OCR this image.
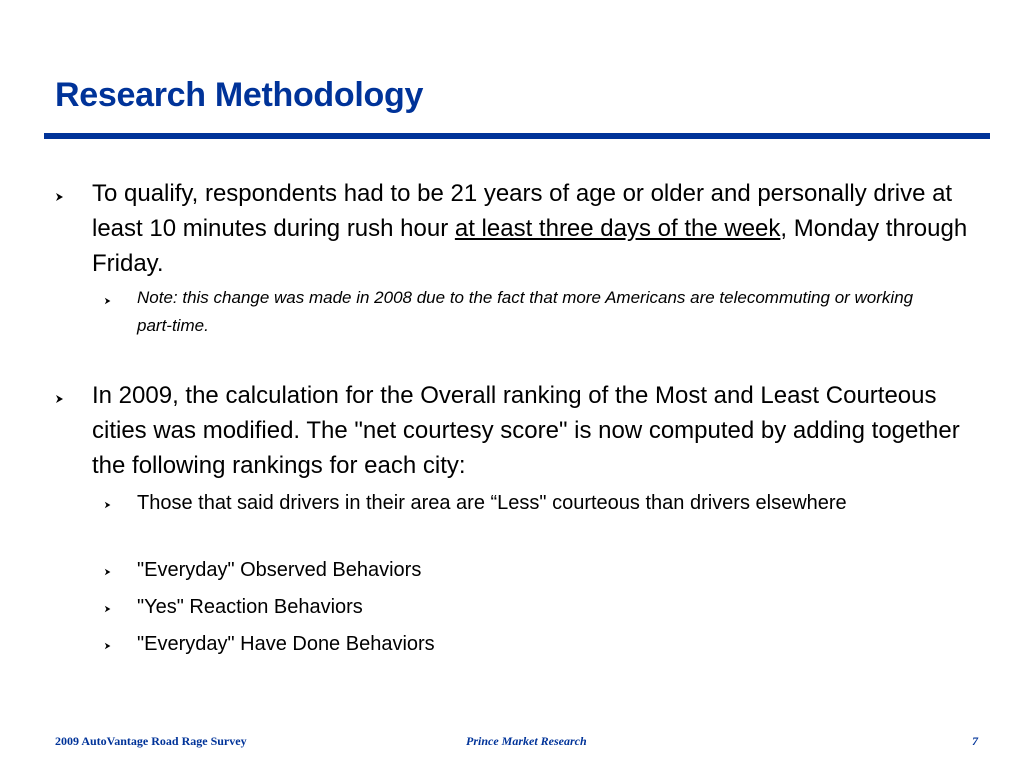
Research Methodology
To qualify, respondents had to be 21 years of age or older and personally drive at least 10 minutes during rush hour at least three days of the week, Monday through Friday.
Note: this change was made in 2008 due to the fact that more Americans are telecommuting or working part-time.
In 2009, the calculation for the Overall ranking of the Most and Least Courteous cities was modified. The "net courtesy score" is now computed by adding together the following rankings for each city:
Those that said drivers in their area are “Less" courteous than drivers elsewhere
"Everyday" Observed Behaviors
"Yes" Reaction Behaviors
"Everyday" Have Done Behaviors
2009 AutoVantage Road Rage Survey	Prince Market Research	7
